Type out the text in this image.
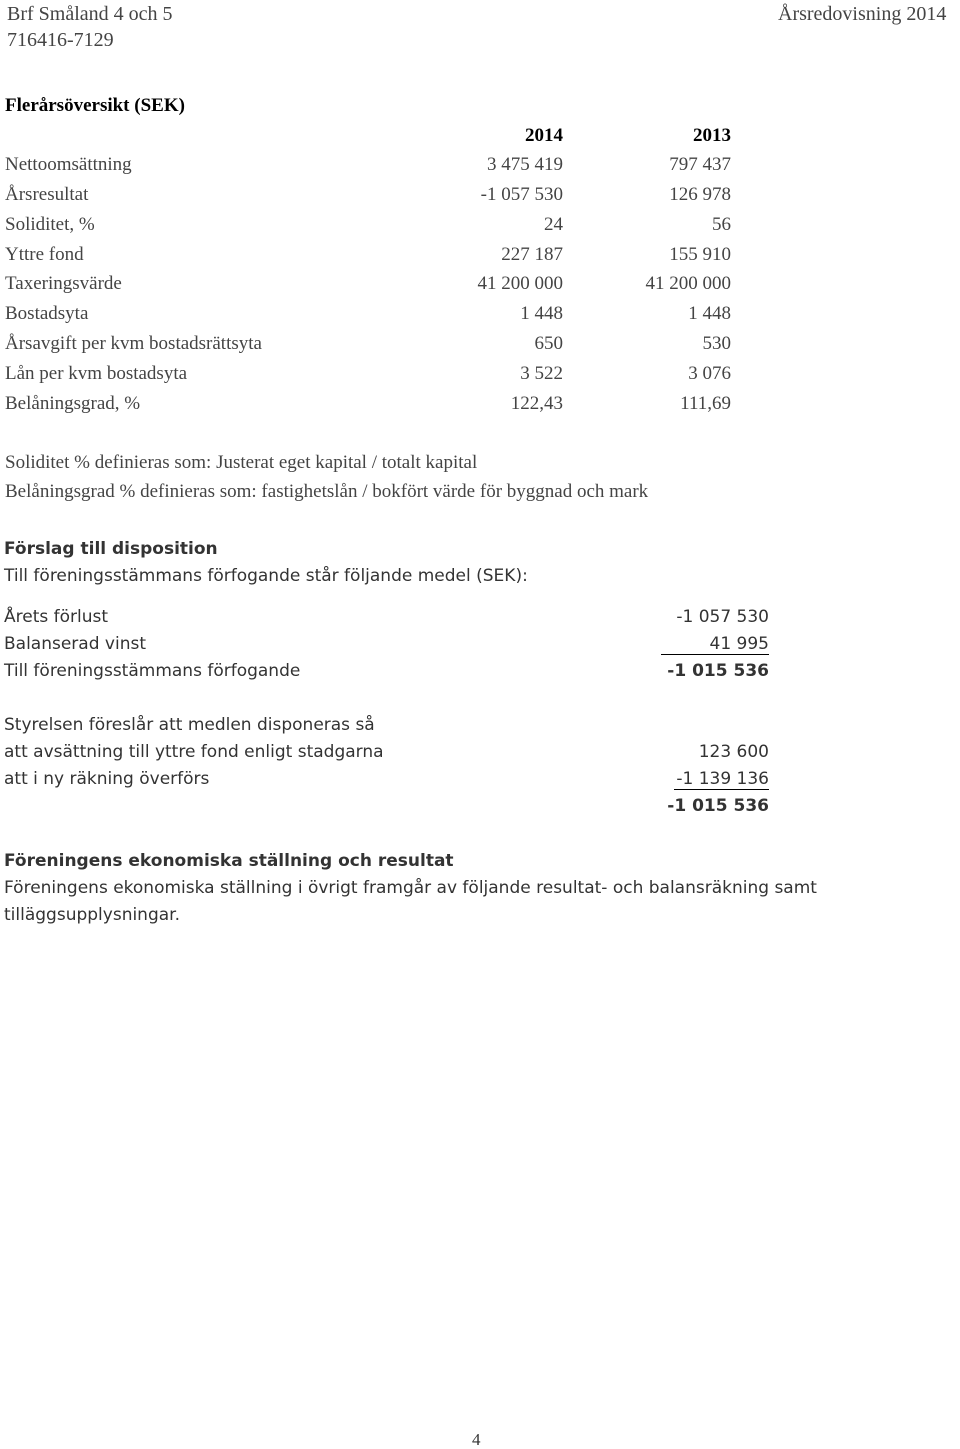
Brf Småland 4 och 5
716416-7129
Årsredovisning 2014
Flerårsöversikt (SEK)
2014	2013
Nettoomsättning	3 475 419	797 437
Årsresultat	-1 057 530	126 978
Soliditet, %	24	56
Yttre fond	227 187	155 910
Taxeringsvärde	41 200 000	41 200 000
Bostadsyta	1 448	1 448
Årsavgift per kvm bostadsrättsyta	650	530
Lån per kvm bostadsyta	3 522	3 076
Belåningsgrad, %	122,43	111,69
Soliditet % definieras som: Justerat eget kapital / totalt kapital
Belåningsgrad % definieras som: fastighetslån / bokfört värde för byggnad och mark
Förslag till disposition
Till föreningsstämmans förfogande står följande medel (SEK):
Årets förlust	-1 057 530
Balanserad vinst	41 995
Till föreningsstämmans förfogande	-1 015 536
Styrelsen föreslår att medlen disponeras så
att avsättning till yttre fond enligt stadgarna	123 600
att i ny räkning överförs	-1 139 136
-1 015 536
Föreningens ekonomiska ställning och resultat
Föreningens ekonomiska ställning i övrigt framgår av följande resultat- och balansräkning samt
tilläggsupplysningar.
4
